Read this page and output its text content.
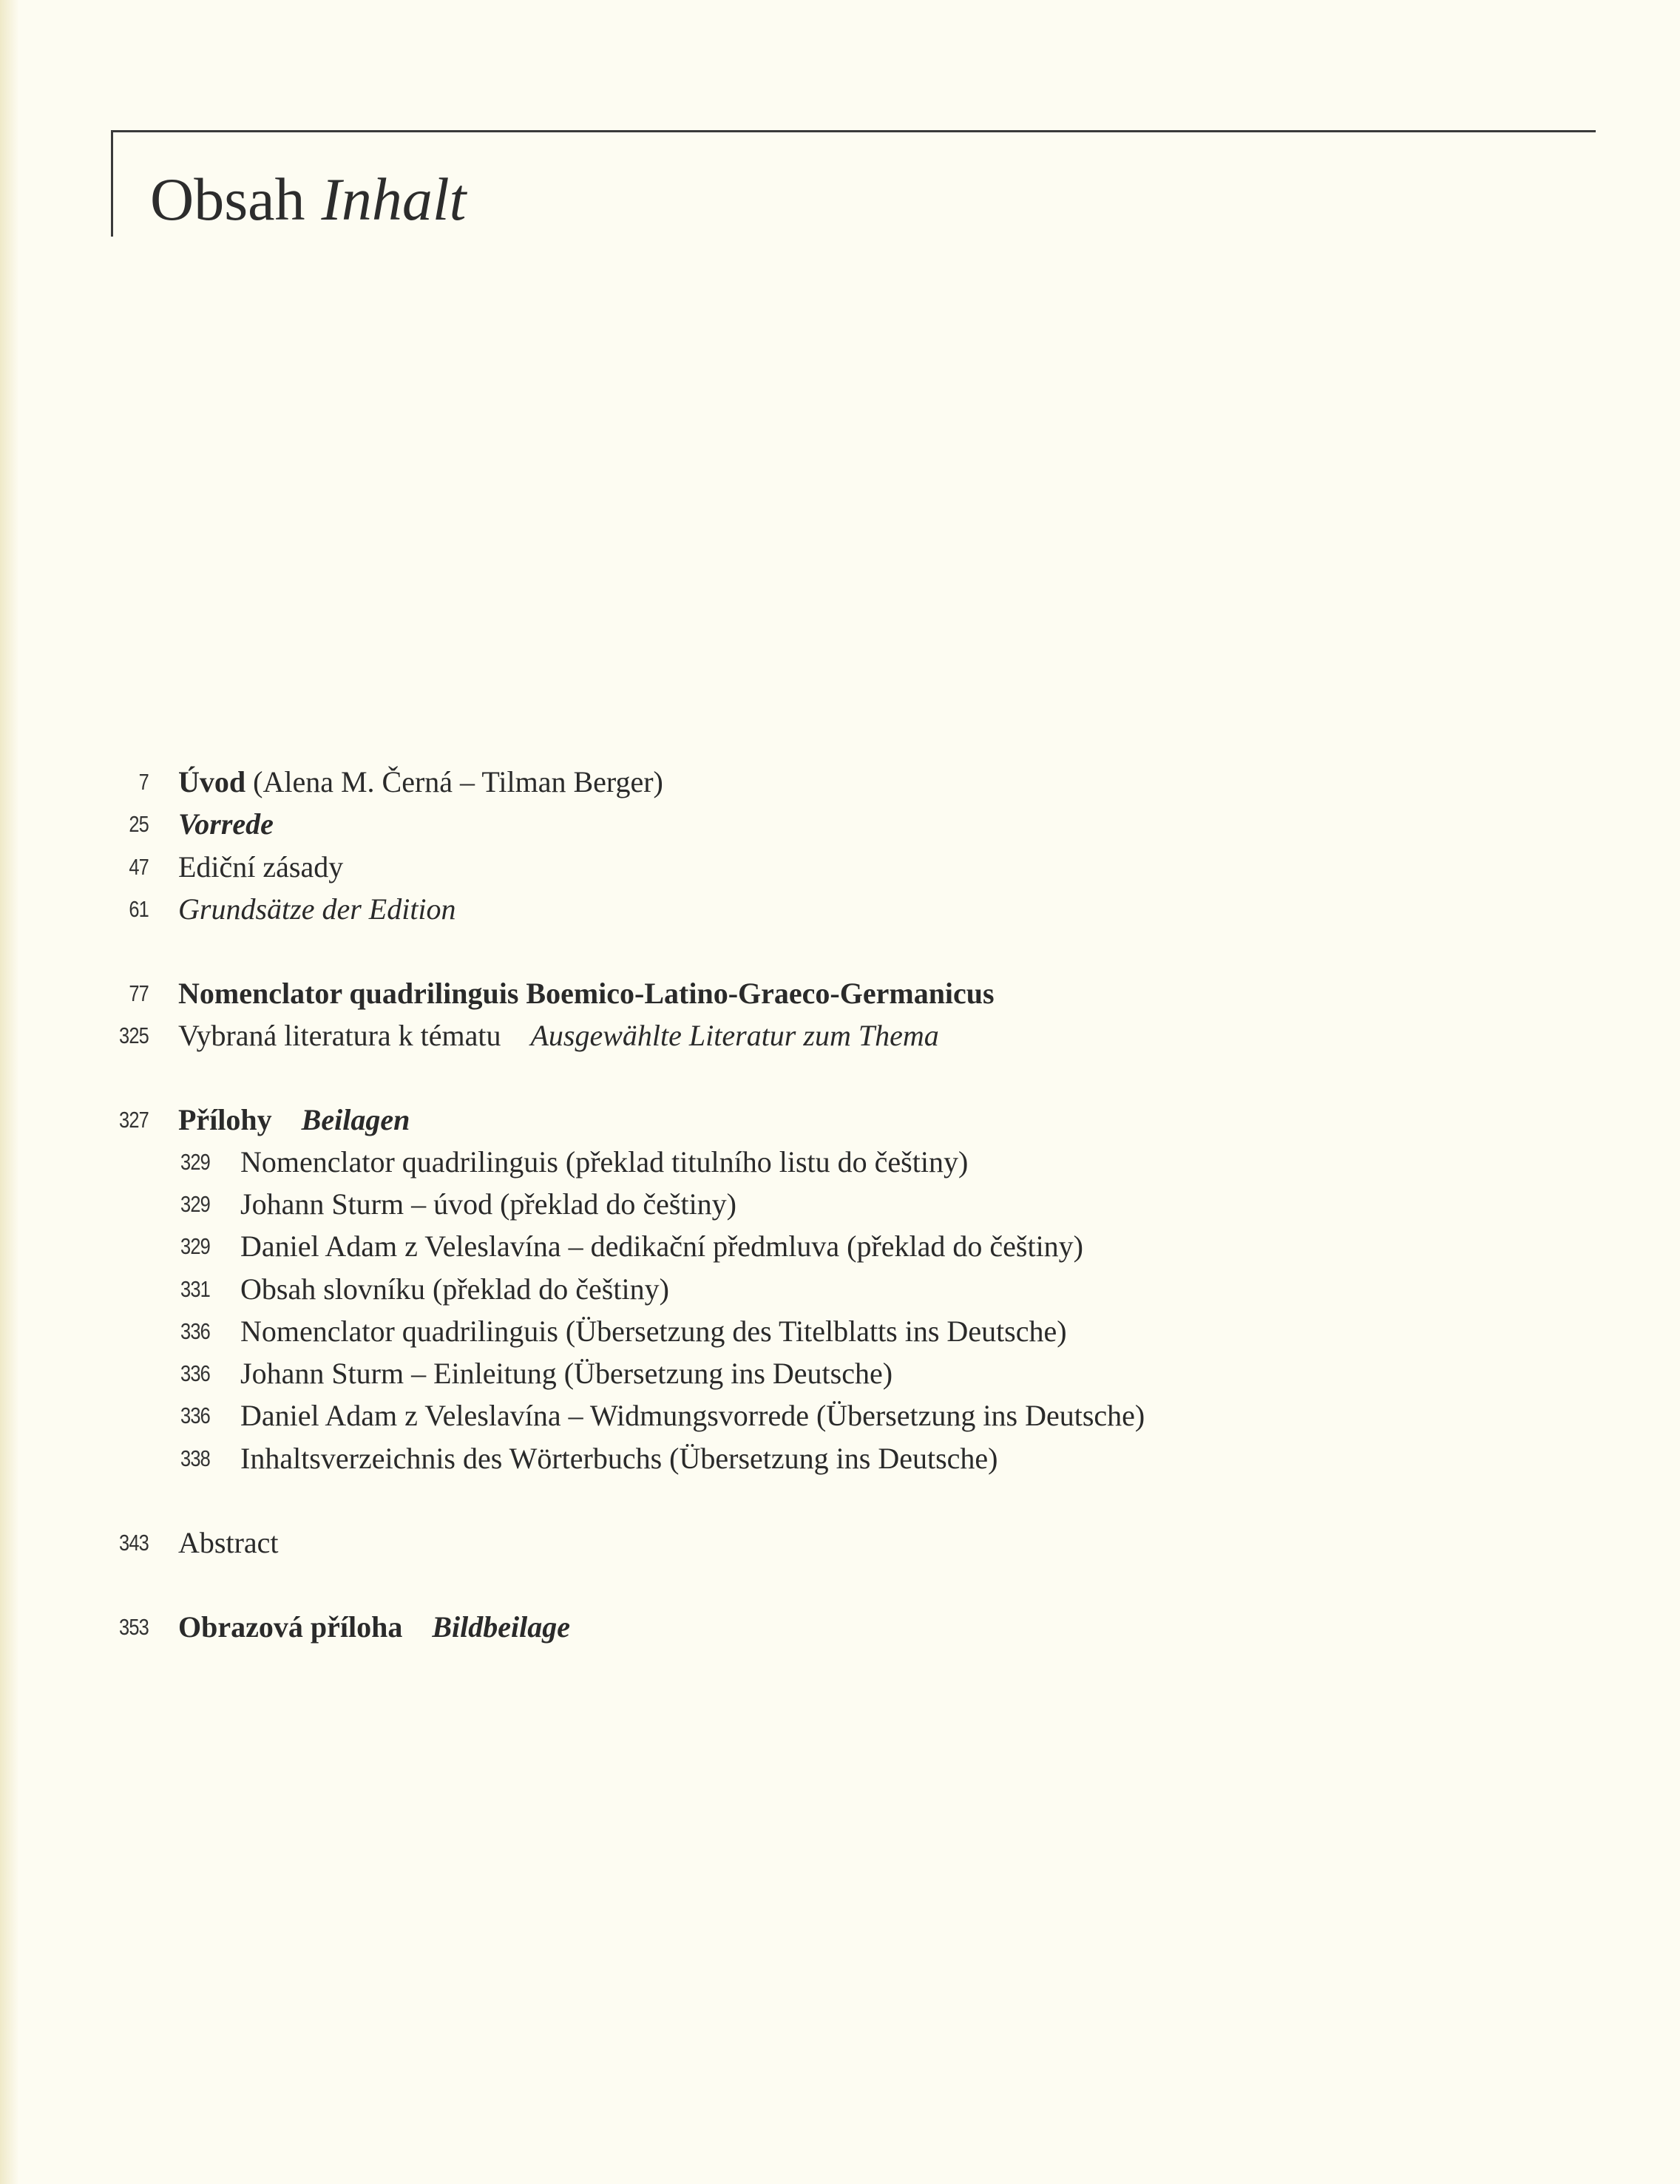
Obsah Inhalt
7 Úvod (Alena M. Černá – Tilman Berger)
25 Vorrede
47 Ediční zásady
61 Grundsätze der Edition
77 Nomenclator quadrilinguis Boemico-Latino-Graeco-Germanicus
325 Vybraná literatura k tématu Ausgewählte Literatur zum Thema
327 Přílohy Beilagen
329 Nomenclator quadrilinguis (překlad titulního listu do češtiny)
329 Johann Sturm – úvod (překlad do češtiny)
329 Daniel Adam z Veleslavína – dedikační předmluva (překlad do češtiny)
331 Obsah slovníku (překlad do češtiny)
336 Nomenclator quadrilinguis (Übersetzung des Titelblatts ins Deutsche)
336 Johann Sturm – Einleitung (Übersetzung ins Deutsche)
336 Daniel Adam z Veleslavína – Widmungsvorrede (Übersetzung ins Deutsche)
338 Inhaltsverzeichnis des Wörterbuchs (Übersetzung ins Deutsche)
343 Abstract
353 Obrazová příloha Bildbeilage
